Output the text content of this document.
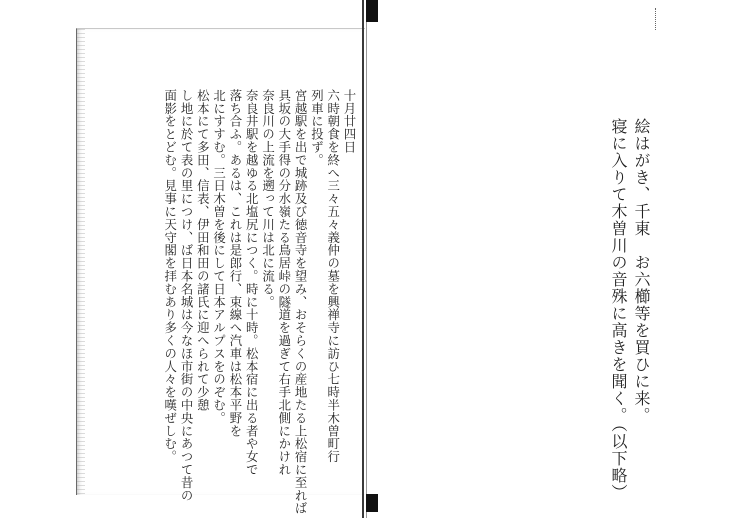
十月廿四日
六時朝食を終へ三々五々義仲の墓を興禅寺に訪ひ七時半木曽町行
列車に投ず。
宮越駅を出で城跡及び徳音寺を望み、おそらくの産地たる上松宿に至れば
具坂の大手得の分水嶺たる鳥居峠の隧道を過ぎて右手北側にかけれ
奈良川の上流を遡って川は北に流る。
奈良井駅を越ゆる北塩尻につく。時に十時。松本宿に出る者や女で
落ち合ふ。あるは、これは是郎行、束線へ汽車は松本平野を
北にすすむ。三日木曽を後にして日本アルプスをのぞむ。
松本にて多田、信表、伊田和田の諸氏に迎へられて少憩
し地に於て表の里につけ、ば日本名城は今なほ市街の中央にあつて昔の
面影をとどむ。見事に天守閣を拝むあり多くの人々を嘆ぜしむ。	絵はがき、千東　お六櫛等を買ひに来。
寝に入りて木曽川の音殊に高きを聞く。（以下略）
